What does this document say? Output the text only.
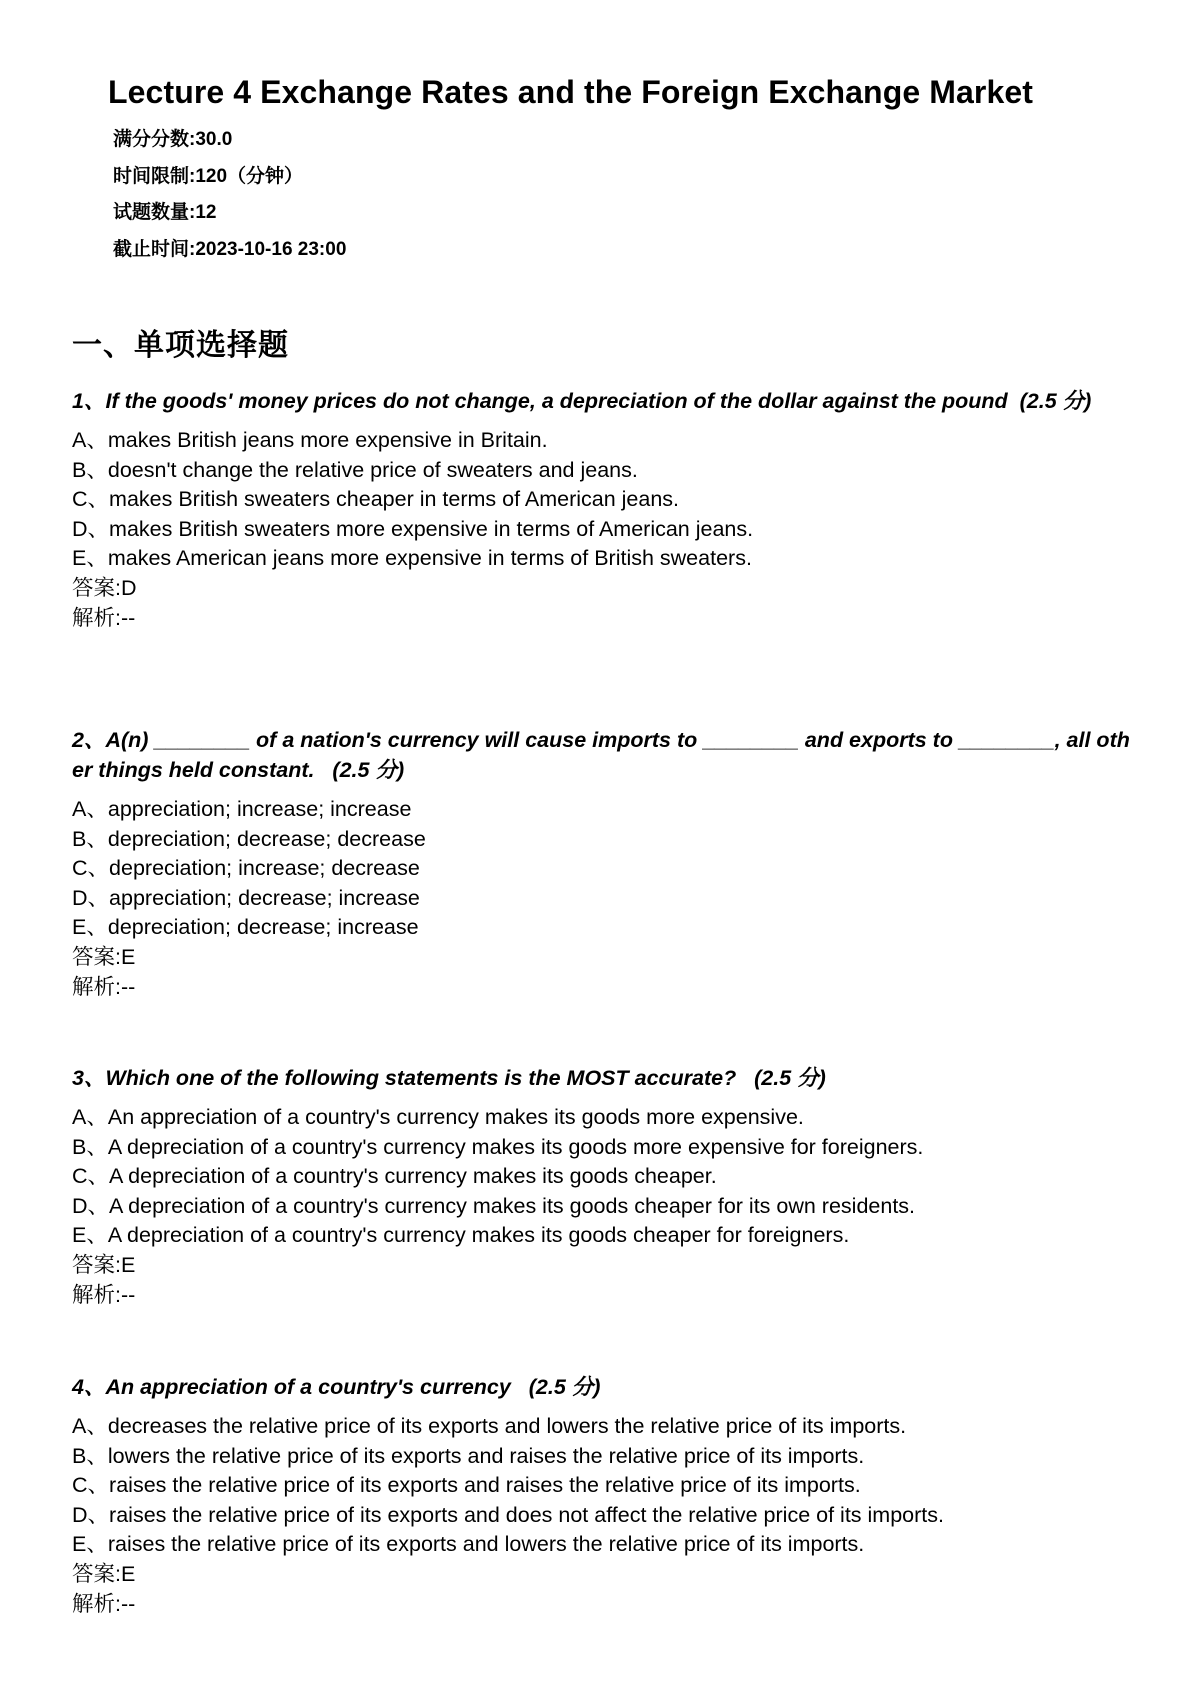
Lecture 4 Exchange Rates and the Foreign Exchange Market
满分分数:30.0
时间限制:120（分钟）
试题数量:12
截止时间:2023-10-16 23:00
一、单项选择题
1、If the goods' money prices do not change, a depreciation of the dollar against the pound  (2.5 分)
A 、 makes British jeans more expensive in Britain.
B 、 doesn't change the relative price of sweaters and jeans.
C 、 makes British sweaters cheaper in terms of American jeans.
D 、 makes British sweaters more expensive in terms of American jeans.
E 、 makes American jeans more expensive in terms of British sweaters.
答案:D
解析:--
2、A(n) ________ of a nation's currency will cause imports to ________ and exports to ________, all other things held constant.   (2.5 分)
A 、 appreciation; increase; increase
B 、 depreciation; decrease; decrease
C 、 depreciation; increase; decrease
D 、 appreciation; decrease; increase
E 、 depreciation; decrease; increase
答案:E
解析:--
3、Which one of the following statements is the MOST accurate?   (2.5 分)
A 、 An appreciation of a country's currency makes its goods more expensive.
B 、 A depreciation of a country's currency makes its goods more expensive for foreigners.
C 、 A depreciation of a country's currency makes its goods cheaper.
D 、 A depreciation of a country's currency makes its goods cheaper for its own residents.
E 、 A depreciation of a country's currency makes its goods cheaper for foreigners.
答案:E
解析:--
4、An appreciation of a country's currency   (2.5 分)
A 、 decreases the relative price of its exports and lowers the relative price of its imports.
B 、 lowers the relative price of its exports and raises the relative price of its imports.
C 、 raises the relative price of its exports and raises the relative price of its imports.
D 、 raises the relative price of its exports and does not affect the relative price of its imports.
E 、 raises the relative price of its exports and lowers the relative price of its imports.
答案:E
解析:--
